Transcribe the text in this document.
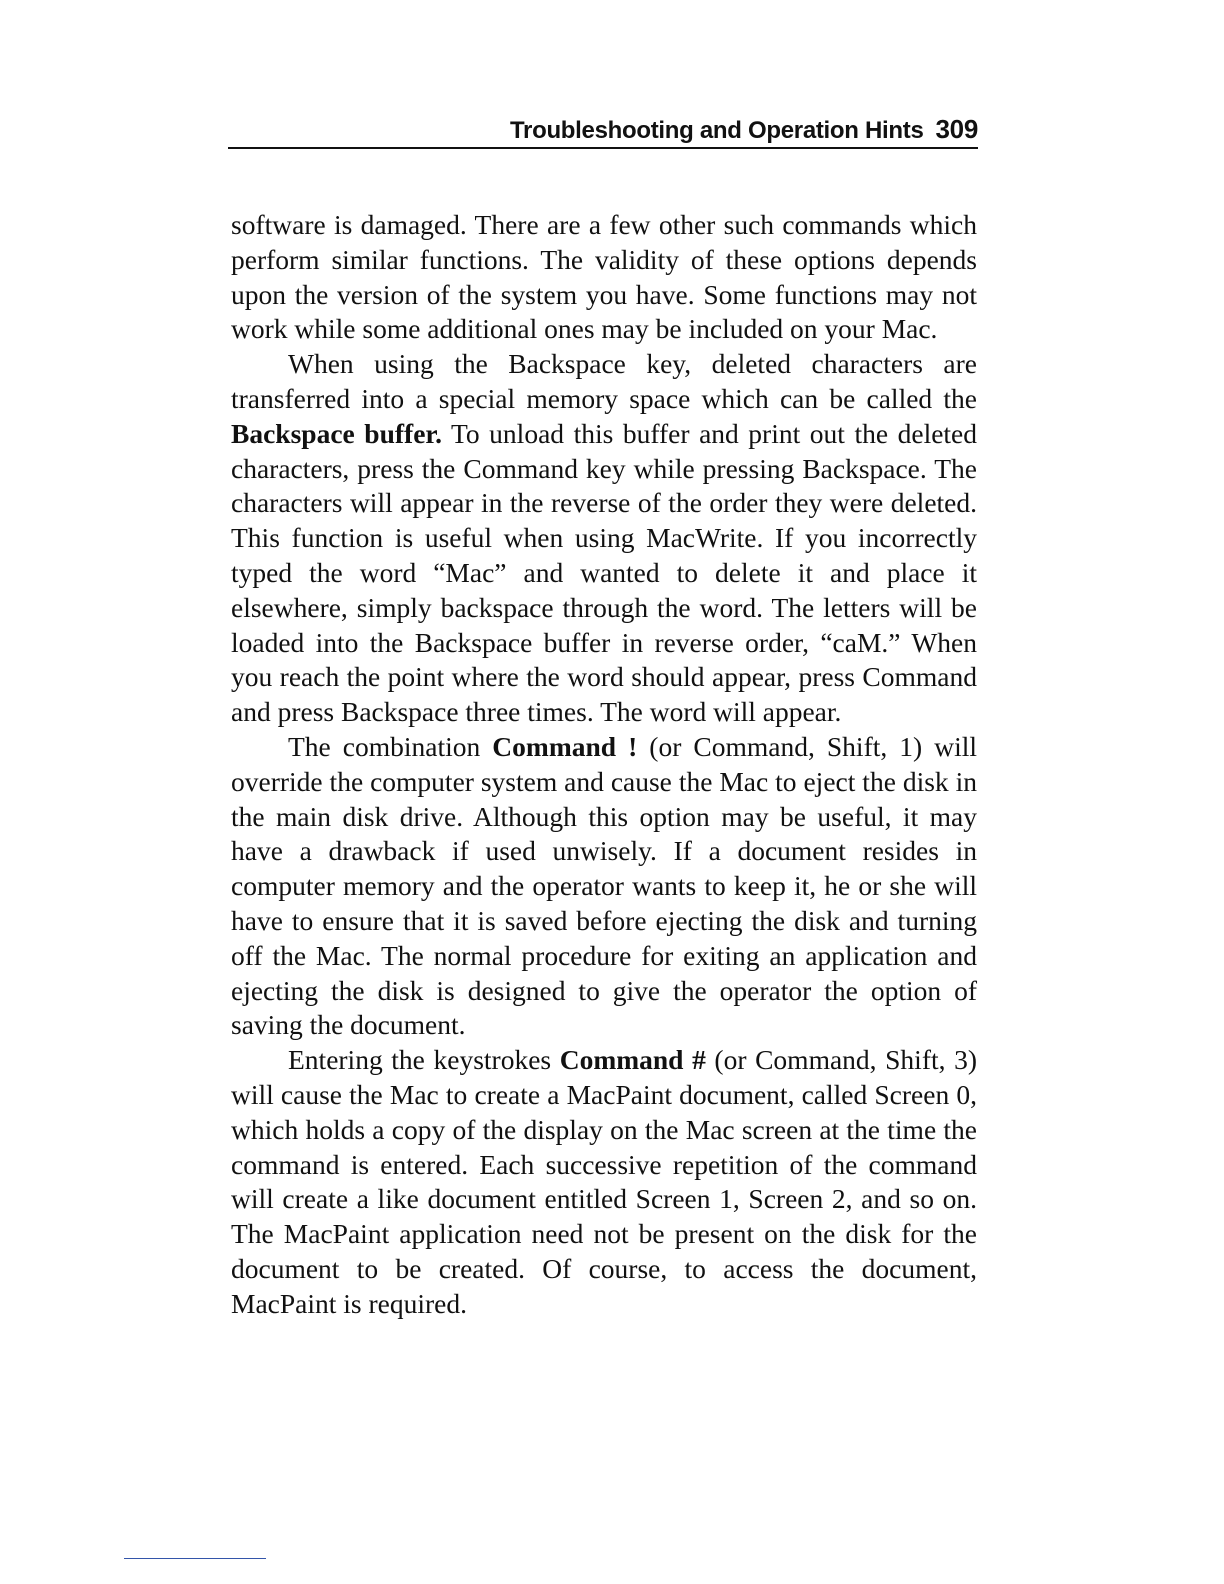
Troubleshooting and Operation Hints 309

software is damaged. There are a few other such commands which perform similar functions. The validity of these options depends upon the version of the system you have. Some functions may not work while some additional ones may be included on your Mac.

When using the Backspace key, deleted characters are transferred into a special memory space which can be called the Backspace buffer. To unload this buffer and print out the deleted characters, press the Command key while pressing Backspace. The characters will appear in the reverse of the order they were deleted. This function is useful when using MacWrite. If you incorrectly typed the word “Mac” and wanted to delete it and place it elsewhere, simply backspace through the word. The letters will be loaded into the Backspace buffer in reverse order, “caM.” When you reach the point where the word should appear, press Command and press Backspace three times. The word will appear.

The combination Command ! (or Command, Shift, 1) will override the computer system and cause the Mac to eject the disk in the main disk drive. Although this option may be useful, it may have a drawback if used unwisely. If a document resides in computer memory and the operator wants to keep it, he or she will have to ensure that it is saved before ejecting the disk and turning off the Mac. The normal procedure for exiting an application and ejecting the disk is designed to give the operator the option of saving the document.

Entering the keystrokes Command # (or Command, Shift, 3) will cause the Mac to create a MacPaint document, called Screen 0, which holds a copy of the display on the Mac screen at the time the command is entered. Each successive repetition of the command will create a like document entitled Screen 1, Screen 2, and so on. The MacPaint application need not be present on the disk for the document to be created. Of course, to access the document, MacPaint is required.
